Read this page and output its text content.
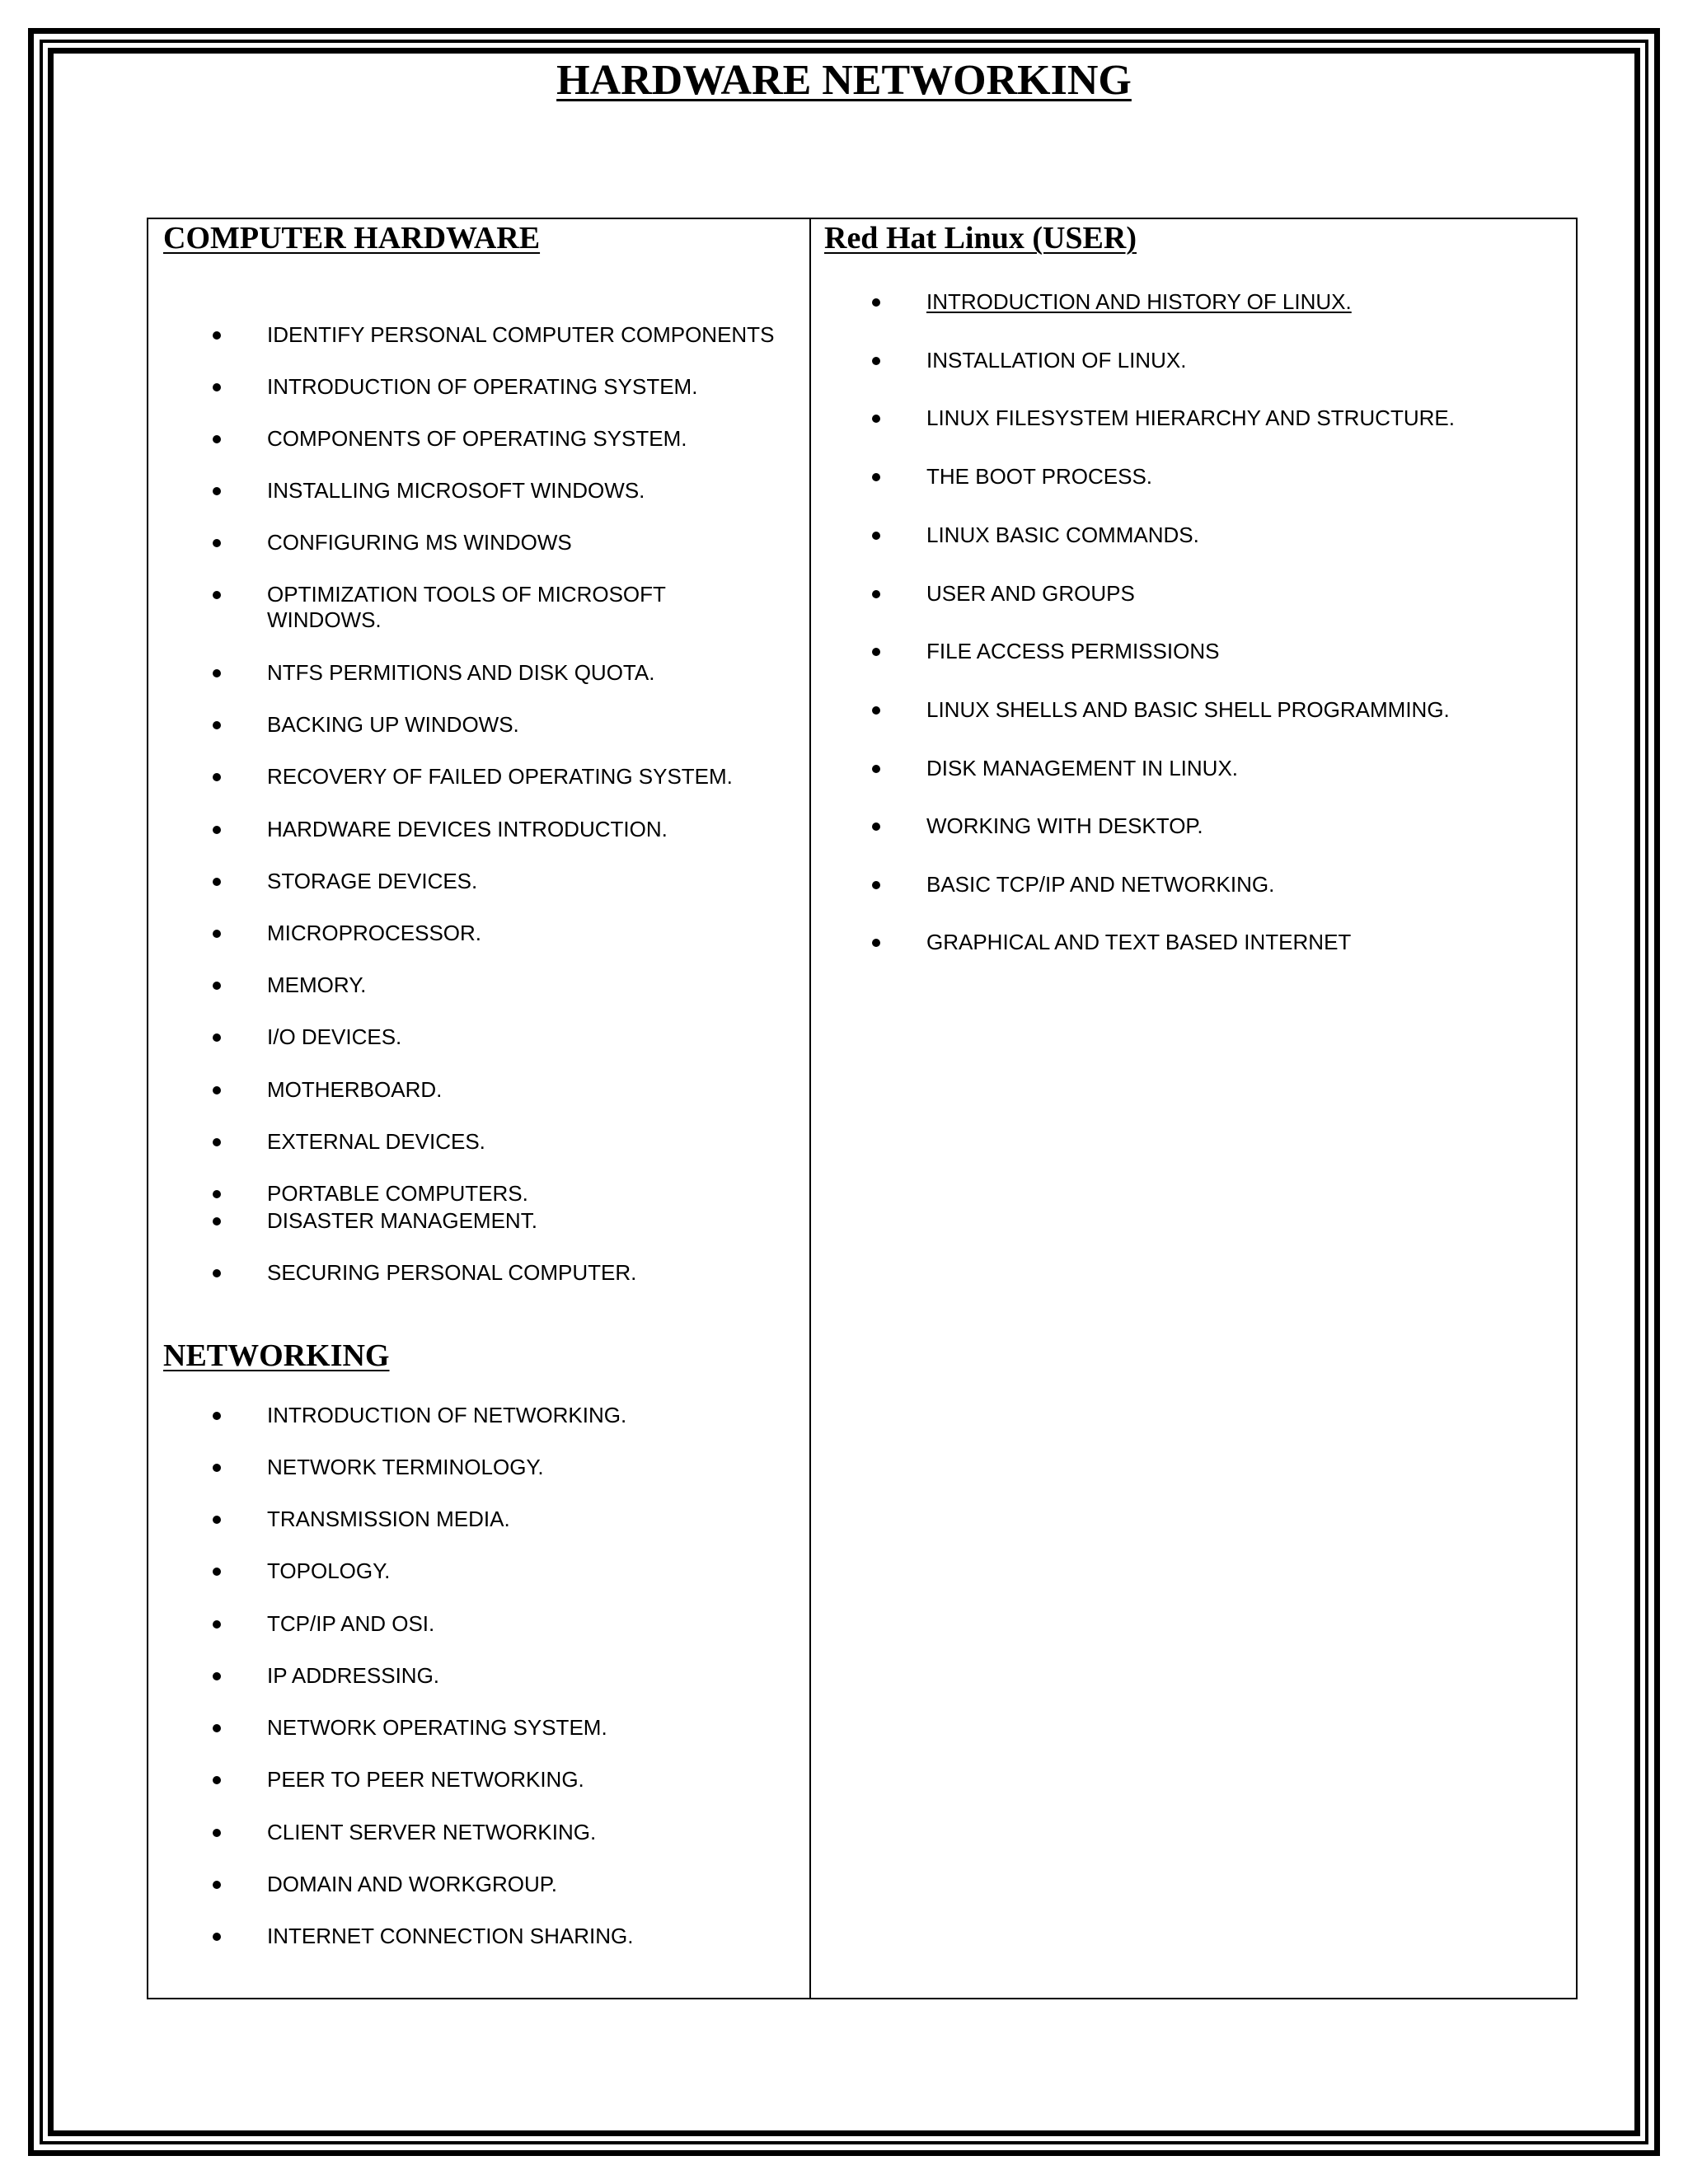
HARDWARE NETWORKING
COMPUTER HARDWARE
IDENTIFY PERSONAL COMPUTER COMPONENTS
INTRODUCTION OF OPERATING SYSTEM.
COMPONENTS OF OPERATING SYSTEM.
INSTALLING MICROSOFT WINDOWS.
CONFIGURING MS WINDOWS
OPTIMIZATION TOOLS OF MICROSOFT WINDOWS.
NTFS PERMITIONS AND DISK QUOTA.
BACKING UP WINDOWS.
RECOVERY OF FAILED OPERATING SYSTEM.
HARDWARE DEVICES INTRODUCTION.
STORAGE DEVICES.
MICROPROCESSOR.
MEMORY.
I/O DEVICES.
MOTHERBOARD.
EXTERNAL DEVICES.
PORTABLE COMPUTERS.
DISASTER MANAGEMENT.
SECURING PERSONAL COMPUTER.
NETWORKING
INTRODUCTION OF NETWORKING.
NETWORK TERMINOLOGY.
TRANSMISSION MEDIA.
TOPOLOGY.
TCP/IP AND OSI.
IP ADDRESSING.
NETWORK OPERATING SYSTEM.
PEER TO PEER NETWORKING.
CLIENT SERVER NETWORKING.
DOMAIN AND WORKGROUP.
INTERNET CONNECTION SHARING.
Red Hat Linux (USER)
INTRODUCTION AND HISTORY OF LINUX.
INSTALLATION OF LINUX.
LINUX FILESYSTEM HIERARCHY AND STRUCTURE.
THE BOOT PROCESS.
LINUX BASIC COMMANDS.
USER AND GROUPS
FILE ACCESS PERMISSIONS
LINUX SHELLS AND BASIC SHELL PROGRAMMING.
DISK MANAGEMENT IN LINUX.
WORKING WITH DESKTOP.
BASIC TCP/IP AND NETWORKING.
GRAPHICAL AND TEXT BASED INTERNET
